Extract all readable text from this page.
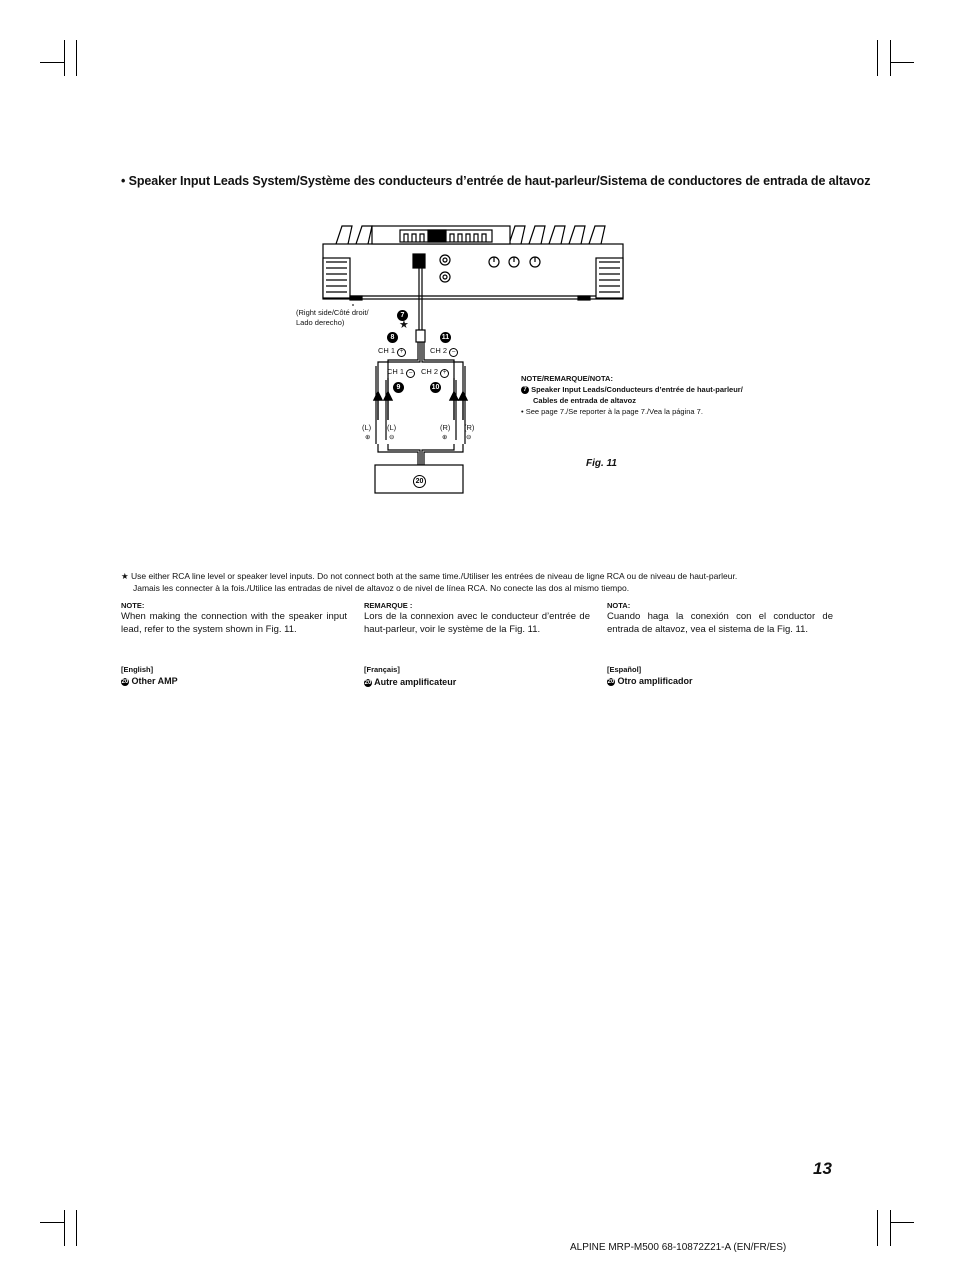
• Speaker Input Leads System/Système des conducteurs d’entrée de haut-parleur/Sistema de conductores de entrada de altavoz
(Right side/Côté droit/
Lado derecho)
7
★
8	11
CH 1 +	CH 2 –
CH 1 –	CH 2 +
9	10
(L) (L)	(R) (R)
⊕	⊖	⊕	⊖
20
NOTE/REMARQUE/NOTA:
7 Speaker Input Leads/Conducteurs d’entrée de haut-parleur/
Cables de entrada de altavoz
• See page 7./Se reporter à la page 7./Vea la página 7.
Fig. 11
★ Use either RCA line level or speaker level inputs. Do not connect both at the same time./Utiliser les entrées de niveau de ligne RCA ou de niveau de haut-parleur.
Jamais les connecter à la fois./Utilice las entradas de nivel de altavoz o de nivel de línea RCA. No conecte las dos al mismo tiempo.
NOTE:
When making the connection with the speaker input lead, refer to the system shown in Fig. 11.
REMARQUE :
Lors de la connexion avec le conducteur d’entrée de haut-parleur, voir le système de la Fig. 11.
NOTA:
Cuando haga la conexión con el conductor de entrada de altavoz, vea el sistema de la Fig. 11.
[English]
20 Other AMP
[Français]
20 Autre amplificateur
[Español]
20 Otro amplificador
13
ALPINE MRP-M500 68-10872Z21-A (EN/FR/ES)
